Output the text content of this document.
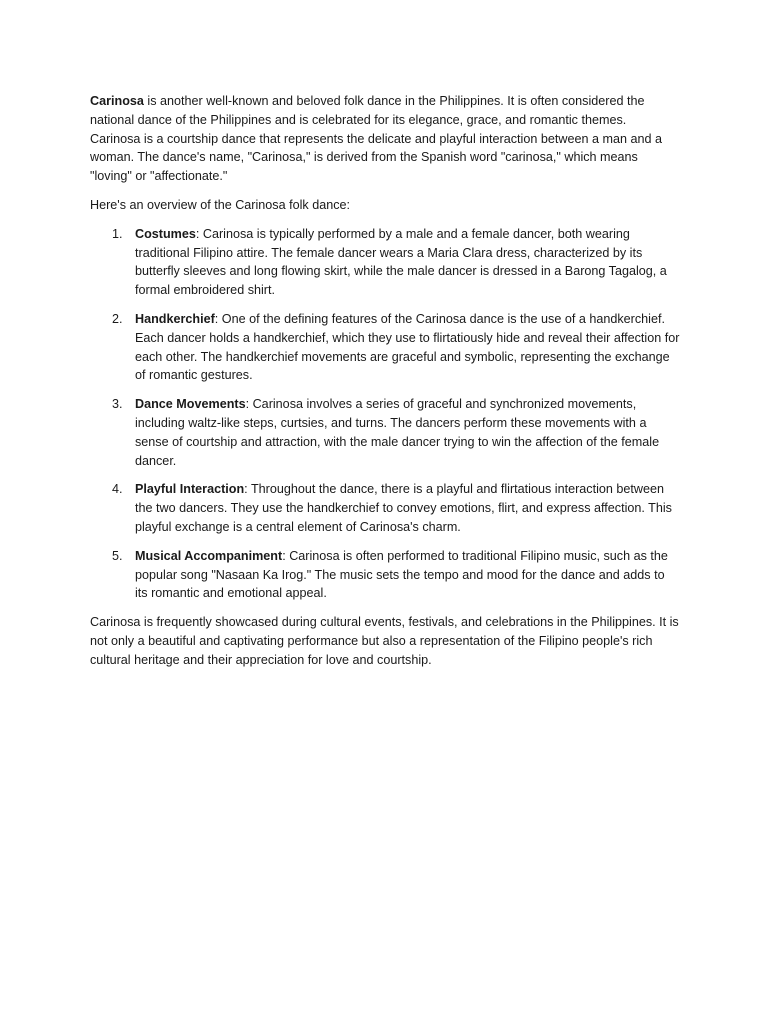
Carinosa is another well-known and beloved folk dance in the Philippines. It is often considered the national dance of the Philippines and is celebrated for its elegance, grace, and romantic themes. Carinosa is a courtship dance that represents the delicate and playful interaction between a man and a woman. The dance's name, "Carinosa," is derived from the Spanish word "carinosa," which means "loving" or "affectionate."

Here's an overview of the Carinosa folk dance:

1. Costumes: Carinosa is typically performed by a male and a female dancer, both wearing traditional Filipino attire. The female dancer wears a Maria Clara dress, characterized by its butterfly sleeves and long flowing skirt, while the male dancer is dressed in a Barong Tagalog, a formal embroidered shirt.
2. Handkerchief: One of the defining features of the Carinosa dance is the use of a handkerchief. Each dancer holds a handkerchief, which they use to flirtatiously hide and reveal their affection for each other. The handkerchief movements are graceful and symbolic, representing the exchange of romantic gestures.
3. Dance Movements: Carinosa involves a series of graceful and synchronized movements, including waltz-like steps, curtsies, and turns. The dancers perform these movements with a sense of courtship and attraction, with the male dancer trying to win the affection of the female dancer.
4. Playful Interaction: Throughout the dance, there is a playful and flirtatious interaction between the two dancers. They use the handkerchief to convey emotions, flirt, and express affection. This playful exchange is a central element of Carinosa's charm.
5. Musical Accompaniment: Carinosa is often performed to traditional Filipino music, such as the popular song "Nasaan Ka Irog." The music sets the tempo and mood for the dance and adds to its romantic and emotional appeal.

Carinosa is frequently showcased during cultural events, festivals, and celebrations in the Philippines. It is not only a beautiful and captivating performance but also a representation of the Filipino people's rich cultural heritage and their appreciation for love and courtship.
